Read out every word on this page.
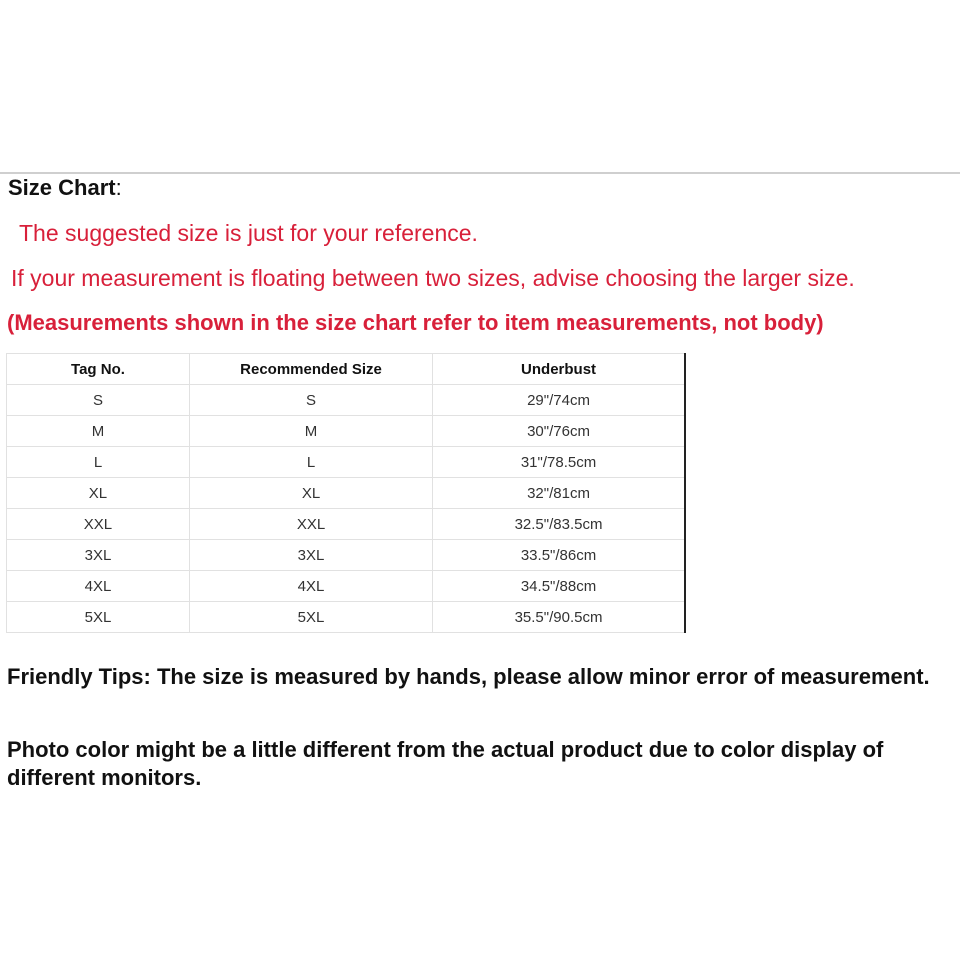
Size Chart:
The suggested size is just for your reference.
If your measurement is floating between two sizes, advise choosing the larger size.
(Measurements shown in the size chart refer to item measurements, not body)
Tag No.	Recommended Size	Underbust
S	S	29"/74cm
M	M	30"/76cm
L	L	31"/78.5cm
XL	XL	32"/81cm
XXL	XXL	32.5"/83.5cm
3XL	3XL	33.5"/86cm
4XL	4XL	34.5"/88cm
5XL	5XL	35.5"/90.5cm
Friendly Tips: The size is measured by hands, please allow minor error of measurement.
Photo color might be a little different from the actual product due to color display of different monitors.
